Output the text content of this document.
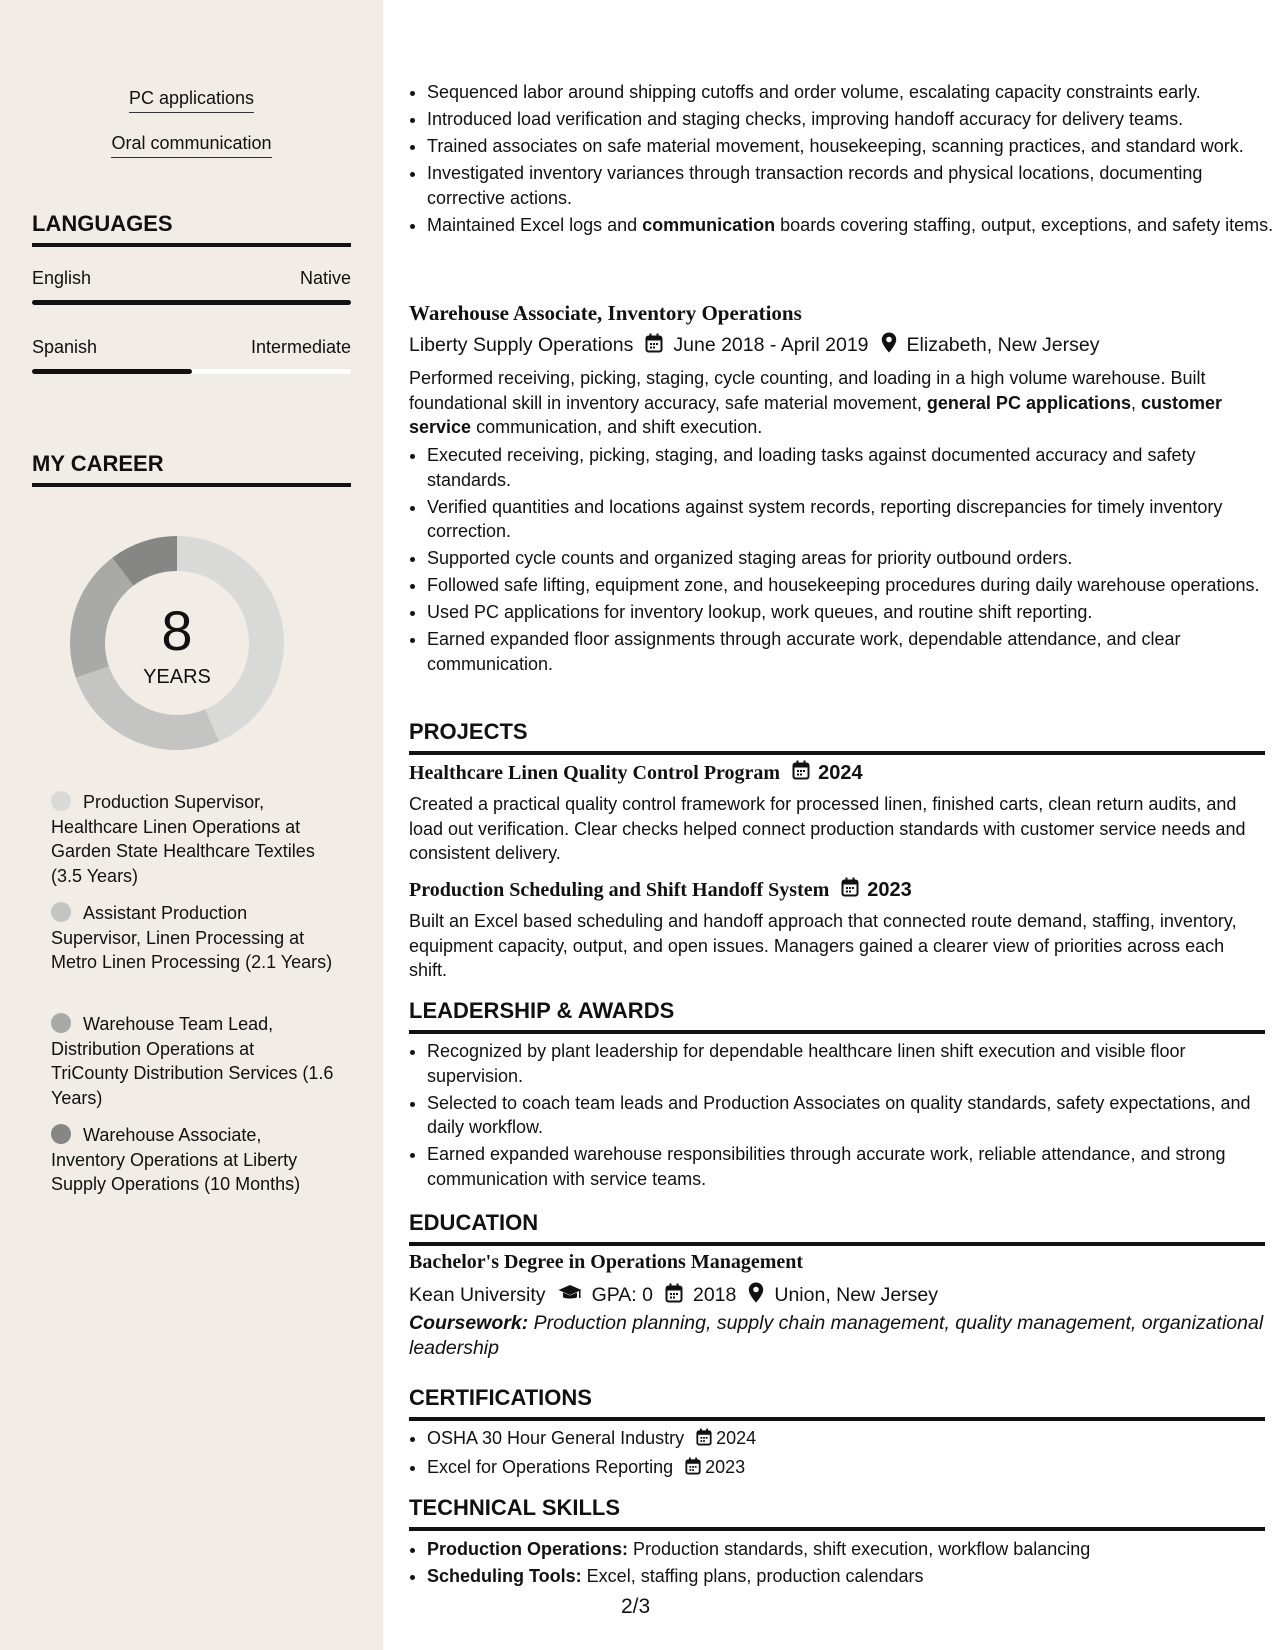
PC applications
Oral communication
LANGUAGES
English	Native
Spanish	Intermediate
MY CAREER
8
YEARS
Production Supervisor, Healthcare Linen Operations at Garden State Healthcare Textiles (3.5 Years)
Assistant Production Supervisor, Linen Processing at Metro Linen Processing (2.1 Years)
Warehouse Team Lead, Distribution Operations at TriCounty Distribution Services (1.6 Years)
Warehouse Associate, Inventory Operations at Liberty Supply Operations (10 Months)
• Sequenced labor around shipping cutoffs and order volume, escalating capacity constraints early.
• Introduced load verification and staging checks, improving handoff accuracy for delivery teams.
• Trained associates on safe material movement, housekeeping, scanning practices, and standard work.
• Investigated inventory variances through transaction records and physical locations, documenting corrective actions.
• Maintained Excel logs and communication boards covering staffing, output, exceptions, and safety items.
Warehouse Associate, Inventory Operations
Liberty Supply Operations June 2018 - April 2019 Elizabeth, New Jersey
Performed receiving, picking, staging, cycle counting, and loading in a high volume warehouse. Built foundational skill in inventory accuracy, safe material movement, general PC applications, customer service communication, and shift execution.
• Executed receiving, picking, staging, and loading tasks against documented accuracy and safety standards.
• Verified quantities and locations against system records, reporting discrepancies for timely inventory correction.
• Supported cycle counts and organized staging areas for priority outbound orders.
• Followed safe lifting, equipment zone, and housekeeping procedures during daily warehouse operations.
• Used PC applications for inventory lookup, work queues, and routine shift reporting.
• Earned expanded floor assignments through accurate work, dependable attendance, and clear communication.
PROJECTS
Healthcare Linen Quality Control Program 2024
Created a practical quality control framework for processed linen, finished carts, clean return audits, and load out verification. Clear checks helped connect production standards with customer service needs and consistent delivery.
Production Scheduling and Shift Handoff System 2023
Built an Excel based scheduling and handoff approach that connected route demand, staffing, inventory, equipment capacity, output, and open issues. Managers gained a clearer view of priorities across each shift.
LEADERSHIP & AWARDS
• Recognized by plant leadership for dependable healthcare linen shift execution and visible floor supervision.
• Selected to coach team leads and Production Associates on quality standards, safety expectations, and daily workflow.
• Earned expanded warehouse responsibilities through accurate work, reliable attendance, and strong communication with service teams.
EDUCATION
Bachelor's Degree in Operations Management
Kean University GPA: 0 2018 Union, New Jersey
Coursework: Production planning, supply chain management, quality management, organizational leadership
CERTIFICATIONS
• OSHA 30 Hour General Industry 2024
• Excel for Operations Reporting 2023
TECHNICAL SKILLS
• Production Operations: Production standards, shift execution, workflow balancing
• Scheduling Tools: Excel, staffing plans, production calendars
2/3
